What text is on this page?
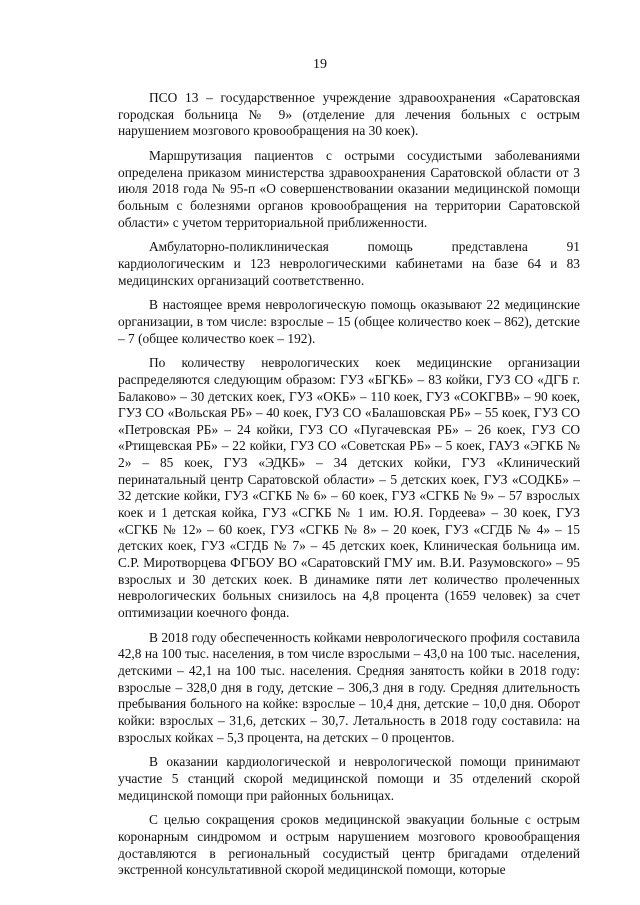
19

ПСО 13 – государственное учреждение здравоохранения «Саратовская городская больница № 9» (отделение для лечения больных с острым нарушением мозгового кровообращения на 30 коек).

Маршрутизация пациентов с острыми сосудистыми заболеваниями определена приказом министерства здравоохранения Саратовской области от 3 июля 2018 года № 95-п «О совершенствовании оказании медицинской помощи больным с болезнями органов кровообращения на территории Саратовской области» с учетом территориальной приближенности.

Амбулаторно-поликлиническая помощь представлена 91 кардиологическим и 123 неврологическими кабинетами на базе 64 и 83 медицинских организаций соответственно.

В настоящее время неврологическую помощь оказывают 22 медицинские организации, в том числе: взрослые – 15 (общее количество коек – 862), детские – 7 (общее количество коек – 192).

По количеству неврологических коек медицинские организации распределяются следующим образом: ГУЗ «БГКБ» – 83 койки, ГУЗ СО «ДГБ г. Балаково» – 30 детских коек, ГУЗ «ОКБ» – 110 коек, ГУЗ «СОКГВВ» – 90 коек, ГУЗ СО «Вольская РБ» – 40 коек, ГУЗ СО «Балашовская РБ» – 55 коек, ГУЗ СО «Петровская РБ» – 24 койки, ГУЗ СО «Пугачевская РБ» – 26 коек, ГУЗ СО «Ртищевская РБ» – 22 койки, ГУЗ СО «Советская РБ» – 5 коек, ГАУЗ «ЭГКБ № 2» – 85 коек, ГУЗ «ЭДКБ» – 34 детских койки, ГУЗ «Клинический перинатальный центр Саратовской области» – 5 детских коек, ГУЗ «СОДКБ» – 32 детские койки, ГУЗ «СГКБ № 6» – 60 коек, ГУЗ «СГКБ № 9» – 57 взрослых коек и 1 детская койка, ГУЗ «СГКБ № 1 им. Ю.Я. Гордеева» – 30 коек, ГУЗ «СГКБ № 12» – 60 коек, ГУЗ «СГКБ № 8» – 20 коек, ГУЗ «СГДБ № 4» – 15 детских коек, ГУЗ «СГДБ № 7» – 45 детских коек, Клиническая больница им. С.Р. Миротворцева ФГБОУ ВО «Саратовский ГМУ им. В.И. Разумовского» – 95 взрослых и 30 детских коек. В динамике пяти лет количество пролеченных неврологических больных снизилось на 4,8 процента (1659 человек) за счет оптимизации коечного фонда.

В 2018 году обеспеченность койками неврологического профиля составила 42,8 на 100 тыс. населения, в том числе взрослыми – 43,0 на 100 тыс. населения, детскими – 42,1 на 100 тыс. населения. Средняя занятость койки в 2018 году: взрослые – 328,0 дня в году, детские – 306,3 дня в году. Средняя длительность пребывания больного на койке: взрослые – 10,4 дня, детские – 10,0 дня. Оборот койки: взрослых – 31,6, детских – 30,7. Летальность в 2018 году составила: на взрослых койках – 5,3 процента, на детских – 0 процентов.

В оказании кардиологической и неврологической помощи принимают участие 5 станций скорой медицинской помощи и 35 отделений скорой медицинской помощи при районных больницах.

С целью сокращения сроков медицинской эвакуации больные с острым коронарным синдромом и острым нарушением мозгового кровообращения доставляются в региональный сосудистый центр бригадами отделений экстренной консультативной скорой медицинской помощи, которые
